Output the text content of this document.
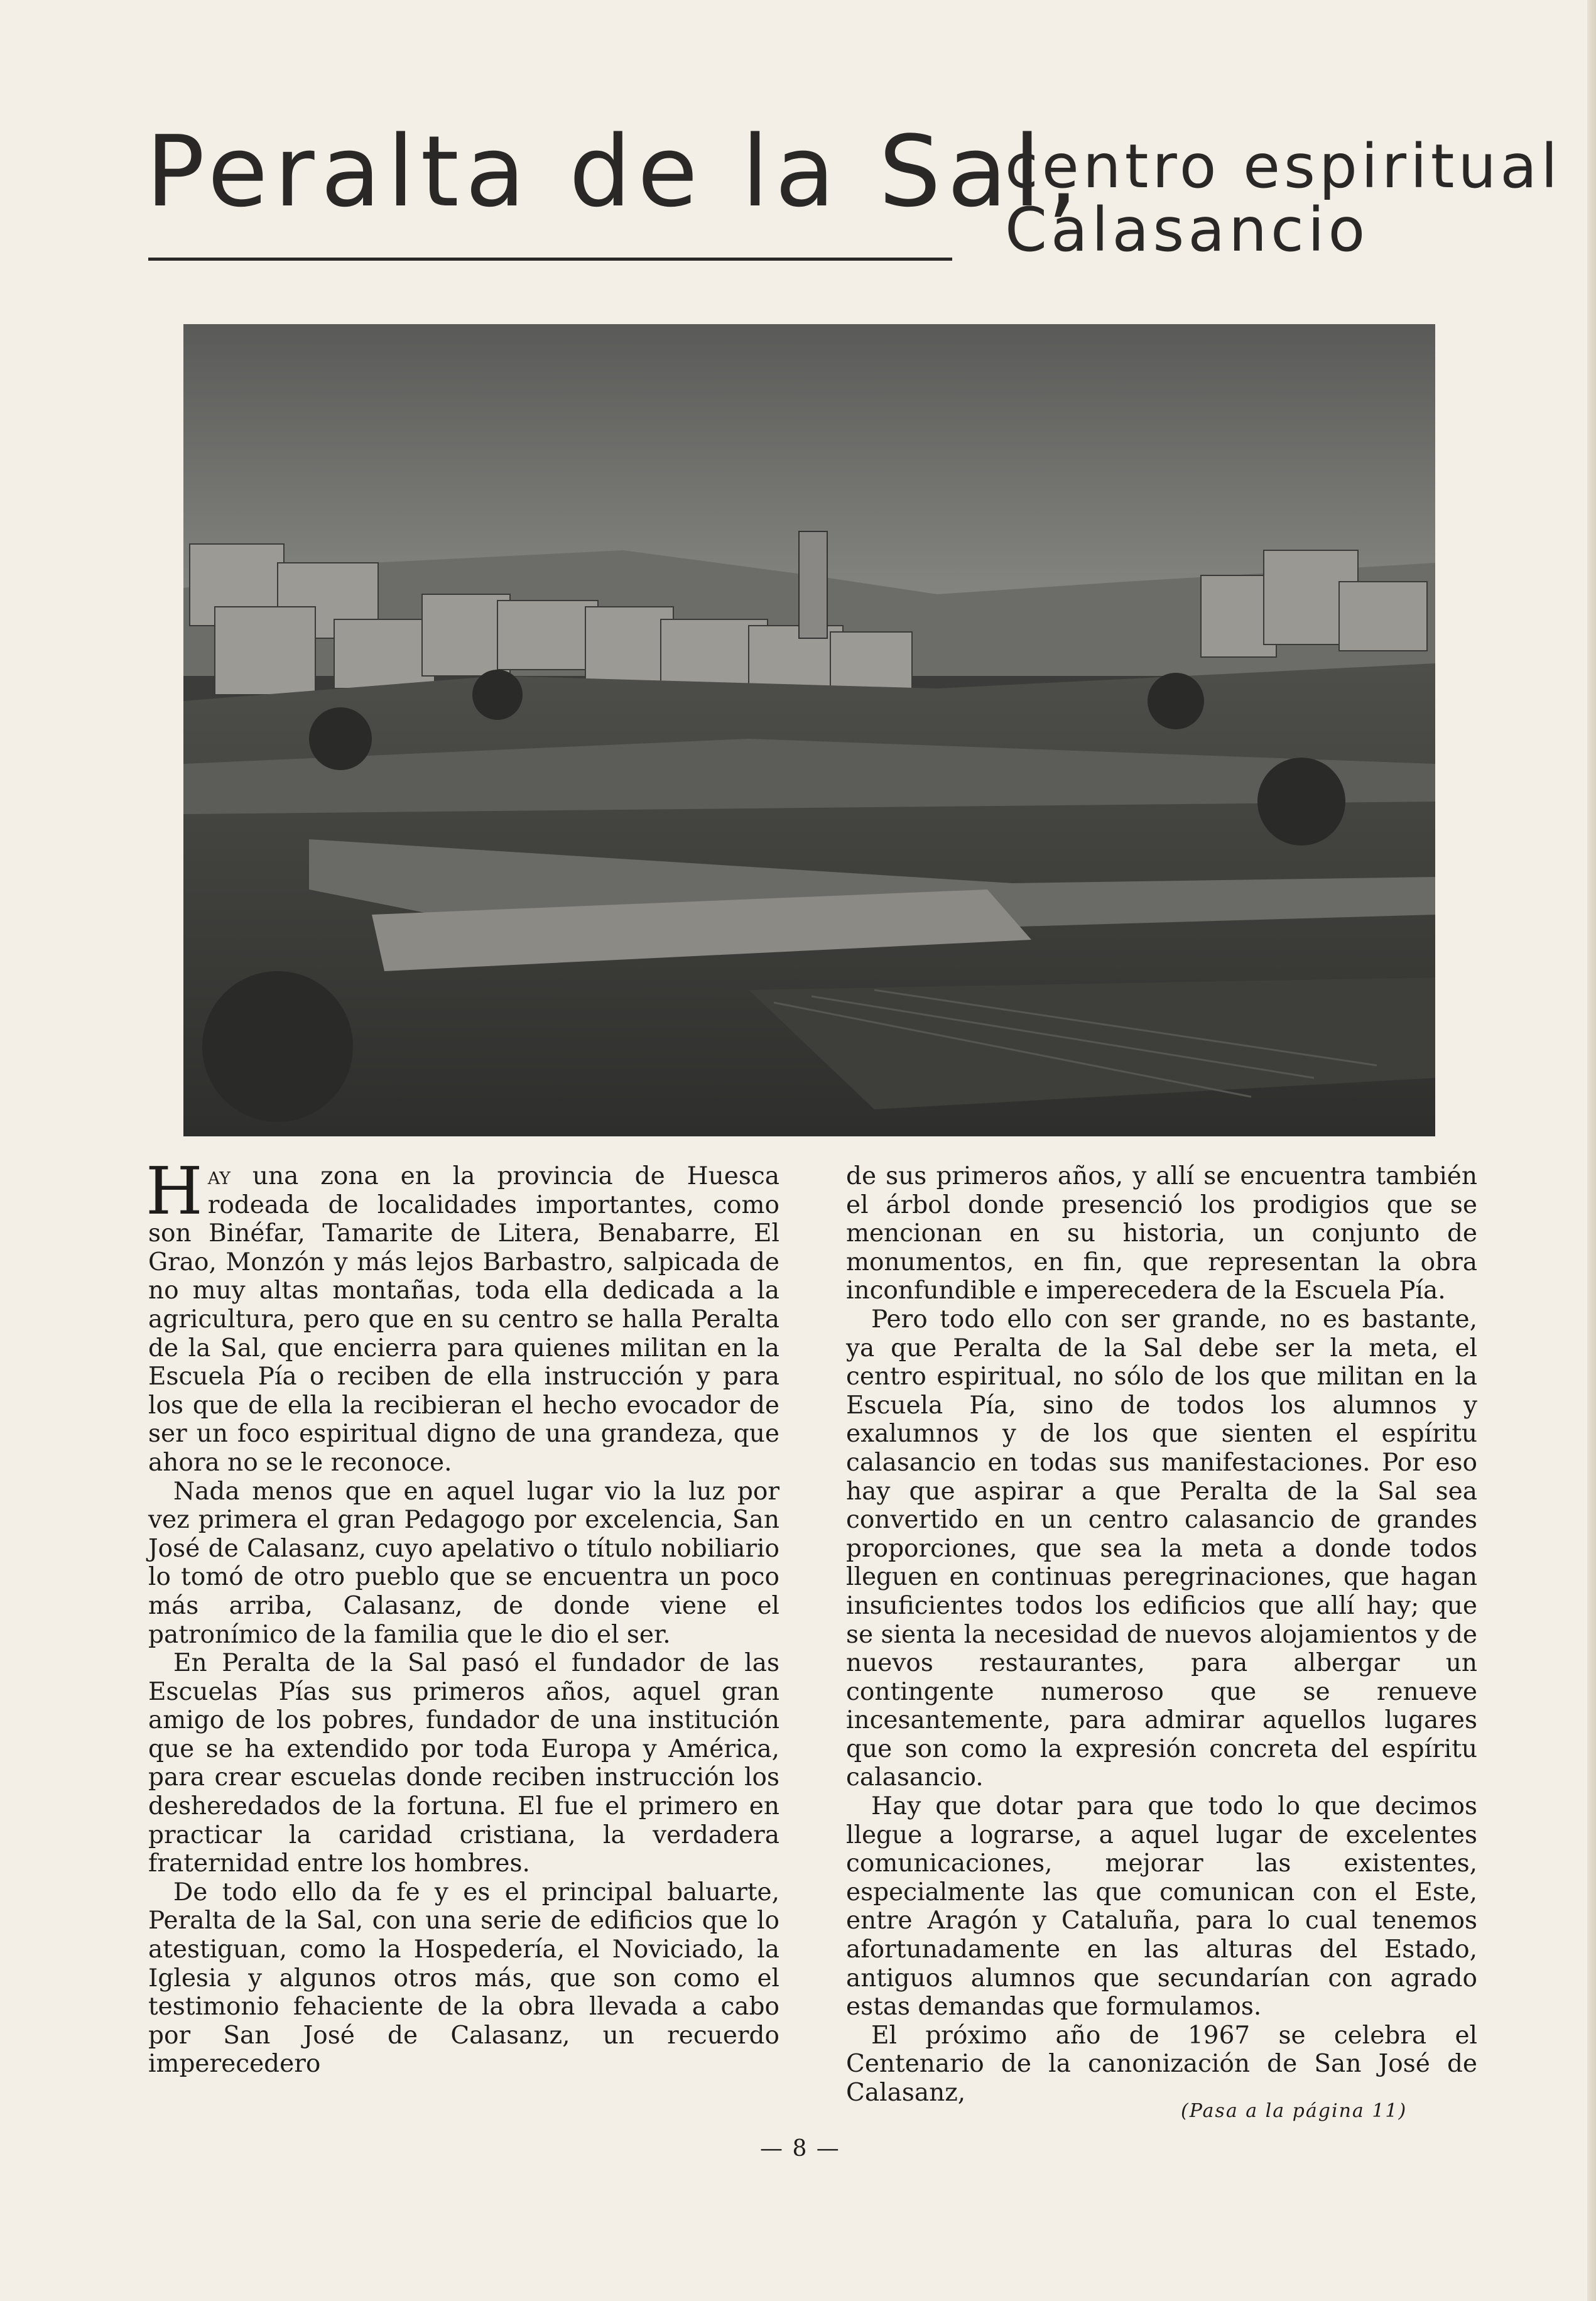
Peralta de la Sal,
centro espiritual
Calasancio

Hay una zona en la provincia de Huesca rodeada de localidades importantes, como son Binéfar, Tamarite de Litera, Benabarre, El Grao, Monzón y más lejos Barbastro, salpicada de no muy altas montañas, toda ella dedicada a la agricultura, pero que en su centro se halla Peralta de la Sal, que encierra para quienes militan en la Escuela Pía o reciben de ella instrucción y para los que de ella la recibieran el hecho evocador de ser un foco espiritual digno de una grandeza, que ahora no se le reconoce.

Nada menos que en aquel lugar vio la luz por vez primera el gran Pedagogo por excelencia, San José de Calasanz, cuyo apelativo o título nobiliario lo tomó de otro pueblo que se encuentra un poco más arriba, Calasanz, de donde viene el patronímico de la familia que le dio el ser.

En Peralta de la Sal pasó el fundador de las Escuelas Pías sus primeros años, aquel gran amigo de los pobres, fundador de una institución que se ha extendido por toda Europa y América, para crear escuelas donde reciben instrucción los desheredados de la fortuna. El fue el primero en practicar la caridad cristiana, la verdadera fraternidad entre los hombres.

De todo ello da fe y es el principal baluarte, Peralta de la Sal, con una serie de edificios que lo atestiguan, como la Hospedería, el Noviciado, la Iglesia y algunos otros más, que son como el testimonio fehaciente de la obra llevada a cabo por San José de Calasanz, un recuerdo imperecedero

de sus primeros años, y allí se encuentra también el árbol donde presenció los prodigios que se mencionan en su historia, un conjunto de monumentos, en fin, que representan la obra inconfundible e imperecedera de la Escuela Pía.

Pero todo ello con ser grande, no es bastante, ya que Peralta de la Sal debe ser la meta, el centro espiritual, no sólo de los que militan en la Escuela Pía, sino de todos los alumnos y exalumnos y de los que sienten el espíritu calasancio en todas sus manifestaciones. Por eso hay que aspirar a que Peralta de la Sal sea convertido en un centro calasancio de grandes proporciones, que sea la meta a donde todos lleguen en continuas peregrinaciones, que hagan insuficientes todos los edificios que allí hay; que se sienta la necesidad de nuevos alojamientos y de nuevos restaurantes, para albergar un contingente numeroso que se renueve incesantemente, para admirar aquellos lugares que son como la expresión concreta del espíritu calasancio.

Hay que dotar para que todo lo que decimos llegue a lograrse, a aquel lugar de excelentes comunicaciones, mejorar las existentes, especialmente las que comunican con el Este, entre Aragón y Cataluña, para lo cual tenemos afortunadamente en las alturas del Estado, antiguos alumnos que secundarían con agrado estas demandas que formulamos.

El próximo año de 1967 se celebra el Centenario de la canonización de San José de Calasanz,

(Pasa a la página 11)
— 8 —
